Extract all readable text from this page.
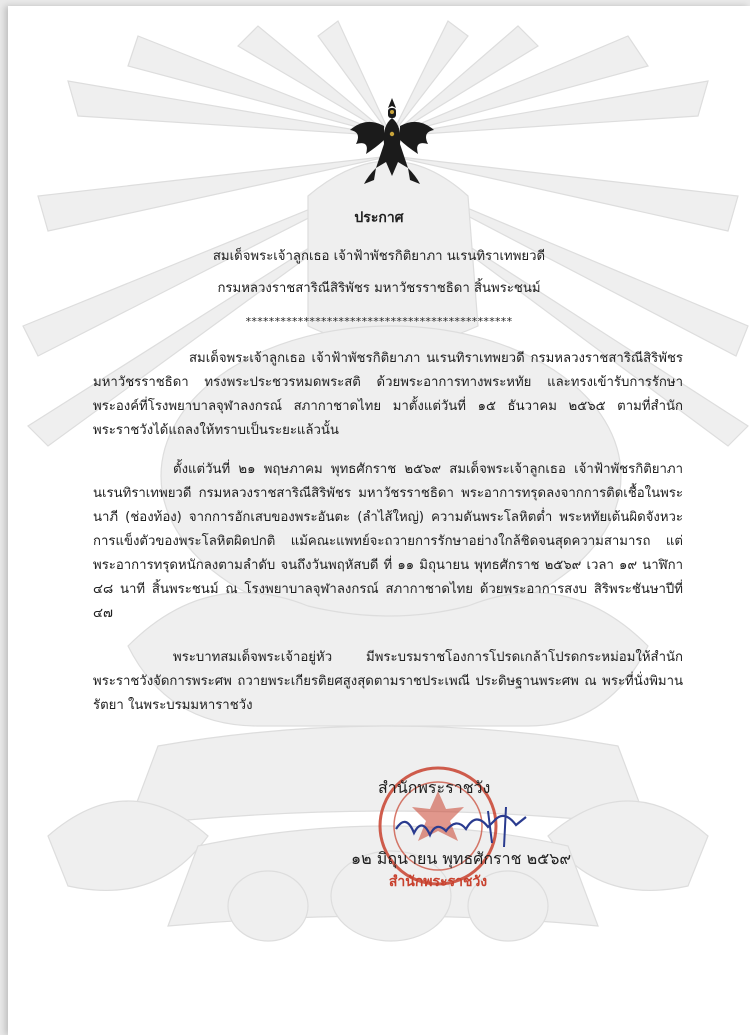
ประกาศ
สมเด็จพระเจ้าลูกเธอ เจ้าฟ้าพัชรกิติยาภา นเรนทิราเทพยวดี
กรมหลวงราชสาริณีสิริพัชร มหาวัชรราชธิดา สิ้นพระชนม์
**********************************************
สมเด็จพระเจ้าลูกเธอ เจ้าฟ้าพัชรกิติยาภา นเรนทิราเทพยวดี กรมหลวงราชสาริณีสิริพัชร มหาวัชรราชธิดา ทรงพระประชวรหมดพระสติ ด้วยพระอาการทางพระหทัย และทรงเข้ารับการรักษาพระองค์ที่โรงพยาบาลจุฬาลงกรณ์ สภากาชาดไทย มาตั้งแต่วันที่ ๑๕ ธันวาคม ๒๕๖๕ ตามที่สำนักพระราชวังได้แถลงให้ทราบเป็นระยะแล้วนั้น
ตั้งแต่วันที่ ๒๑ พฤษภาคม พุทธศักราช ๒๕๖๙ สมเด็จพระเจ้าลูกเธอ เจ้าฟ้าพัชรกิติยาภา นเรนทิราเทพยวดี กรมหลวงราชสาริณีสิริพัชร มหาวัชรราชธิดา พระอาการทรุดลงจากการติดเชื้อในพระนาภี (ช่องท้อง) จากการอักเสบของพระอันตะ (ลำไส้ใหญ่) ความดันพระโลหิตต่ำ พระหทัยเต้นผิดจังหวะ การแข็งตัวของพระโลหิตผิดปกติ แม้คณะแพทย์จะถวายการรักษาอย่างใกล้ชิดจนสุดความสามารถ แต่พระอาการทรุดหนักลงตามลำดับ จนถึงวันพฤหัสบดี ที่ ๑๑ มิถุนายน พุทธศักราช ๒๕๖๙ เวลา ๑๙ นาฬิกา ๔๘ นาที สิ้นพระชนม์ ณ โรงพยาบาลจุฬาลงกรณ์ สภากาชาดไทย ด้วยพระอาการสงบ สิริพระชันษาปีที่ ๔๗
พระบาทสมเด็จพระเจ้าอยู่หัว มีพระบรมราชโองการโปรดเกล้าโปรดกระหม่อมให้สำนักพระราชวังจัดการพระศพ ถวายพระเกียรติยศสูงสุดตามราชประเพณี ประดิษฐานพระศพ ณ พระที่นั่งพิมานรัตยา ในพระบรมมหาราชวัง
สำนักพระราชวัง
สำนักพระราชวัง
๑๒ มิถุนายน พุทธศักราช ๒๕๖๙
